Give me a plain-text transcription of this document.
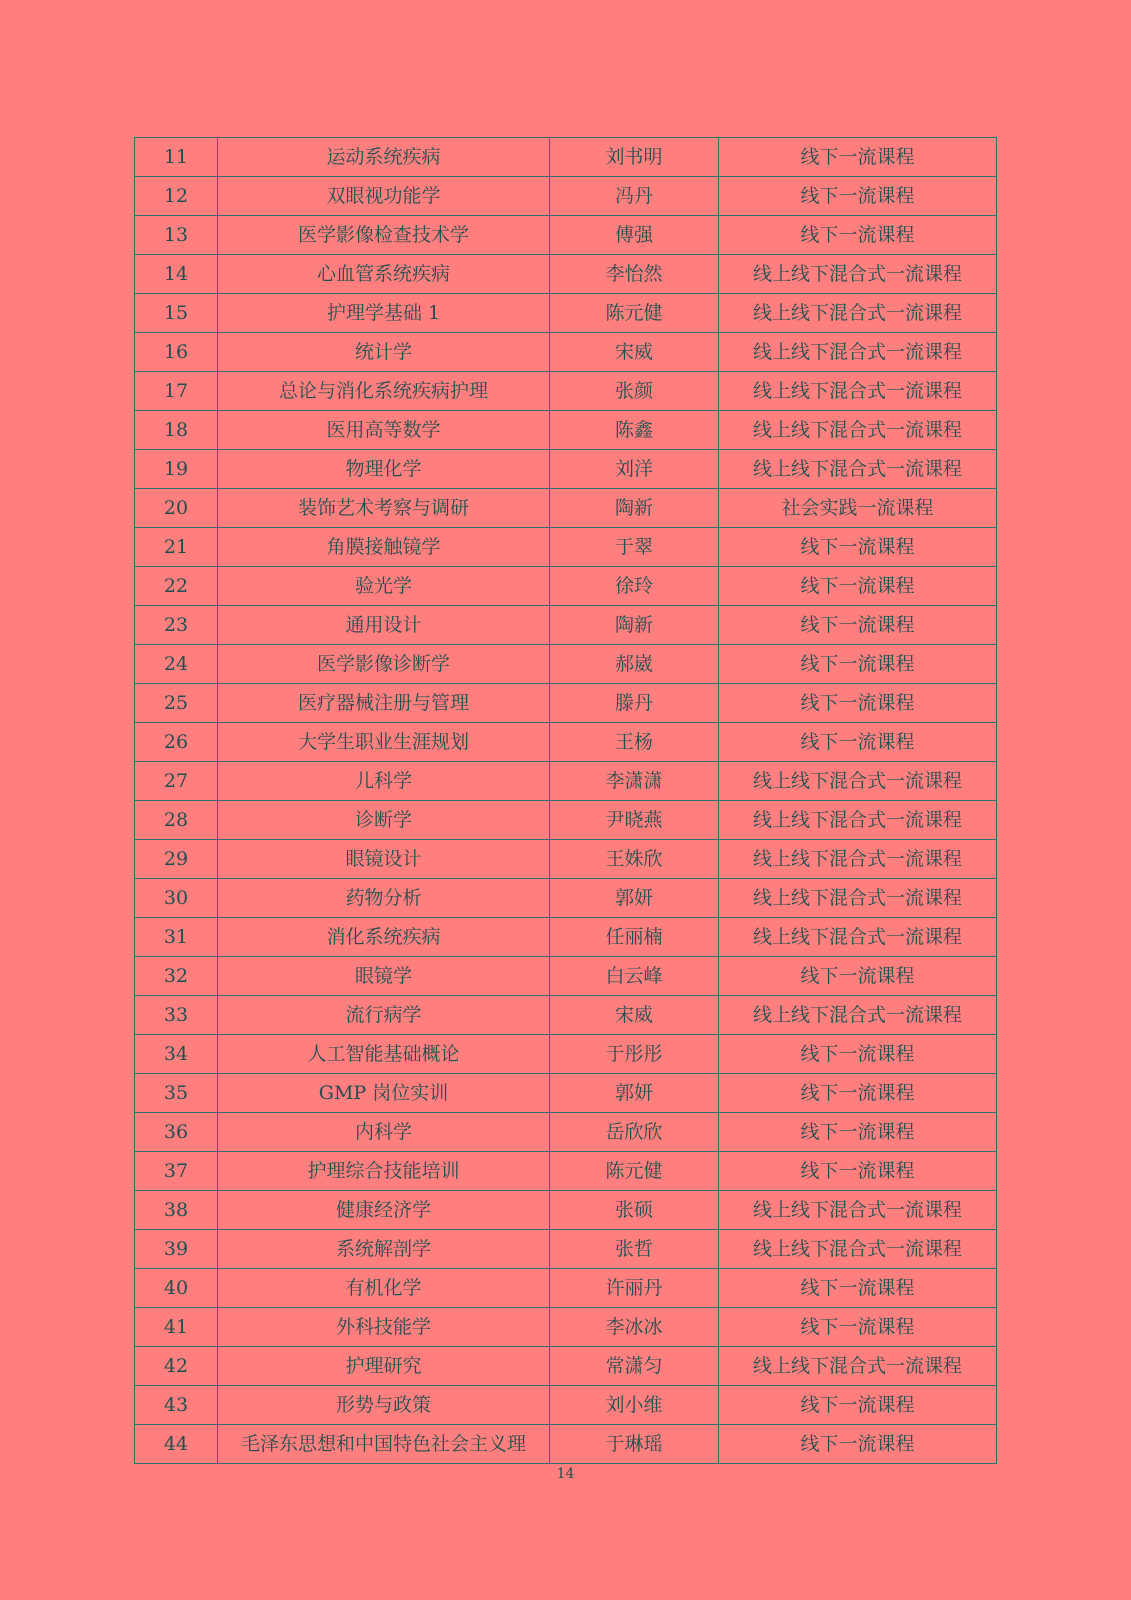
11	运动系统疾病	刘书明	线下一流课程
12	双眼视功能学	冯丹	线下一流课程
13	医学影像检查技术学	傅强	线下一流课程
14	心血管系统疾病	李怡然	线上线下混合式一流课程
15	护理学基础 1	陈元健	线上线下混合式一流课程
16	统计学	宋威	线上线下混合式一流课程
17	总论与消化系统疾病护理	张颜	线上线下混合式一流课程
18	医用高等数学	陈鑫	线上线下混合式一流课程
19	物理化学	刘洋	线上线下混合式一流课程
20	装饰艺术考察与调研	陶新	社会实践一流课程
21	角膜接触镜学	于翠	线下一流课程
22	验光学	徐玲	线下一流课程
23	通用设计	陶新	线下一流课程
24	医学影像诊断学	郝崴	线下一流课程
25	医疗器械注册与管理	滕丹	线下一流课程
26	大学生职业生涯规划	王杨	线下一流课程
27	儿科学	李潇潇	线上线下混合式一流课程
28	诊断学	尹晓燕	线上线下混合式一流课程
29	眼镜设计	王姝欣	线上线下混合式一流课程
30	药物分析	郭妍	线上线下混合式一流课程
31	消化系统疾病	任丽楠	线上线下混合式一流课程
32	眼镜学	白云峰	线下一流课程
33	流行病学	宋威	线上线下混合式一流课程
34	人工智能基础概论	于彤彤	线下一流课程
35	GMP 岗位实训	郭妍	线下一流课程
36	内科学	岳欣欣	线下一流课程
37	护理综合技能培训	陈元健	线下一流课程
38	健康经济学	张硕	线上线下混合式一流课程
39	系统解剖学	张哲	线上线下混合式一流课程
40	有机化学	许丽丹	线下一流课程
41	外科技能学	李冰冰	线下一流课程
42	护理研究	常潇匀	线上线下混合式一流课程
43	形势与政策	刘小维	线下一流课程
44	毛泽东思想和中国特色社会主义理	于琳瑶	线下一流课程
14
